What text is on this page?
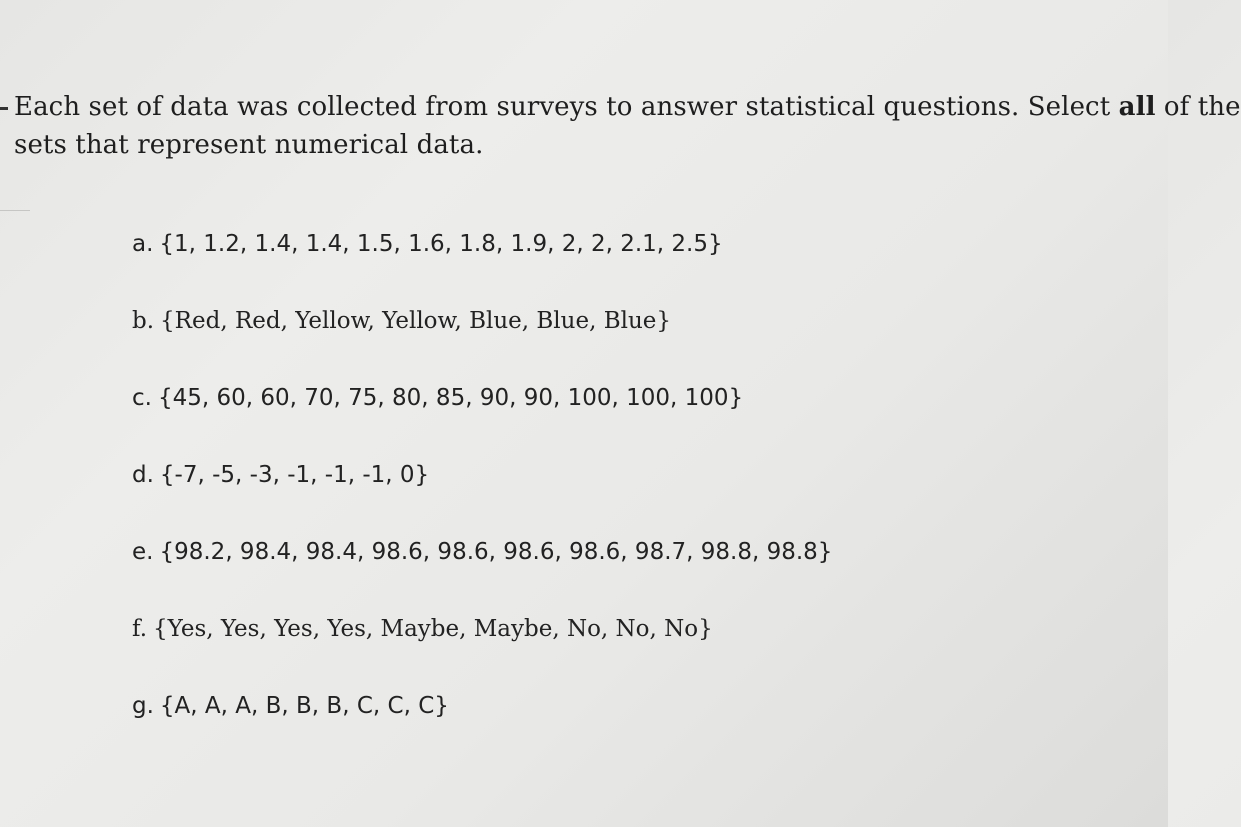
Each set of data was collected from surveys to answer statistical questions. Select all of the
sets that represent numerical data.
a. {1, 1.2, 1.4, 1.4, 1.5, 1.6, 1.8, 1.9, 2, 2, 2.1, 2.5}
b. {Red, Red, Yellow, Yellow, Blue, Blue, Blue}
c. {45, 60, 60, 70, 75, 80, 85, 90, 90, 100, 100, 100}
d. {-7, -5, -3, -1, -1, -1, 0}
e. {98.2, 98.4, 98.4, 98.6, 98.6, 98.6, 98.6, 98.7, 98.8, 98.8}
f. {Yes, Yes, Yes, Yes, Maybe, Maybe, No, No, No}
g. {A, A, A, B, B, B, C, C, C}
